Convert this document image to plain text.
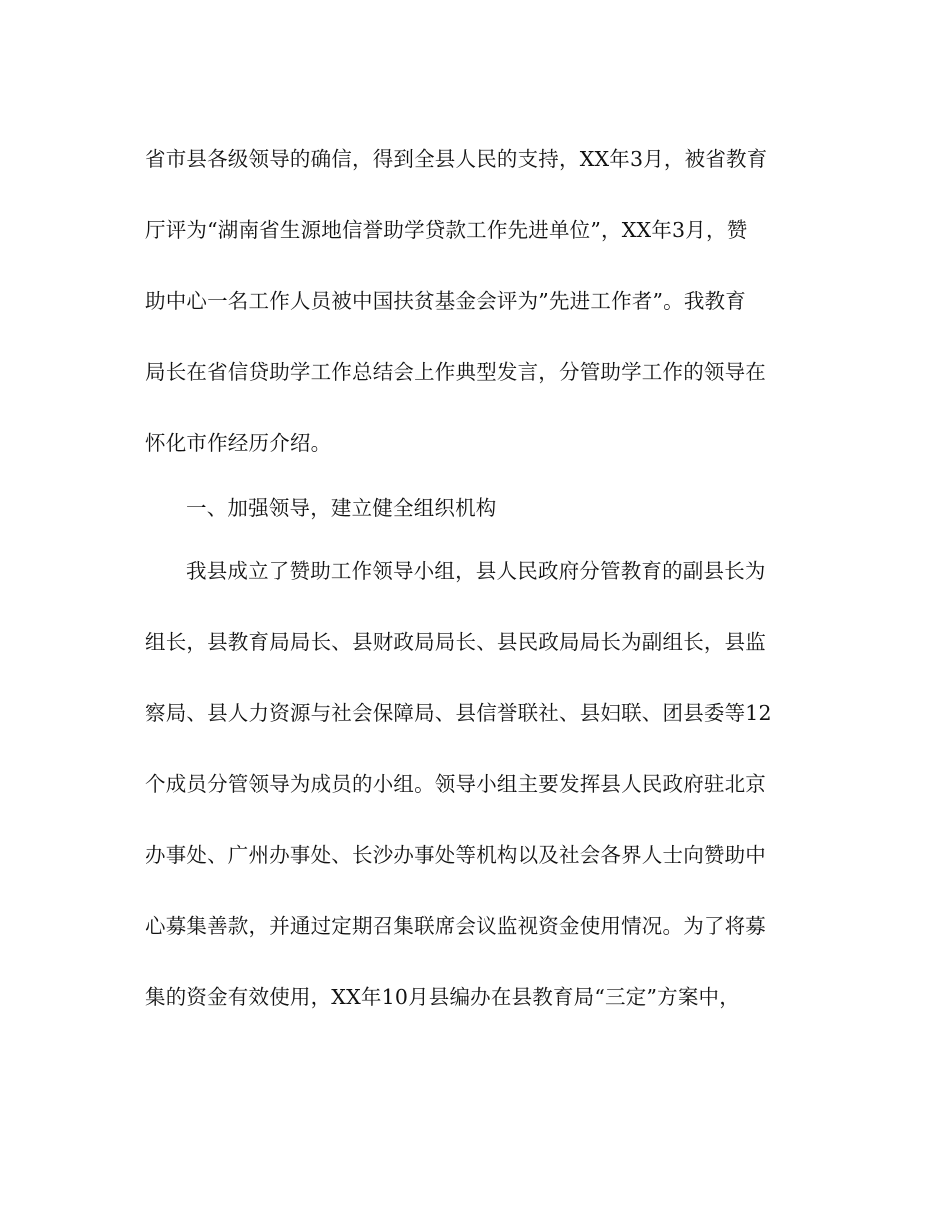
省市县各级领导的确信，得到全县人民的支持，XX年3月，被省教育
厅评为“湖南省生源地信誉助学贷款工作先进单位”，XX年3月，赞
助中心一名工作人员被中国扶贫基金会评为”先进工作者”。我教育
局长在省信贷助学工作总结会上作典型发言，分管助学工作的领导在
怀化市作经历介绍。
一、加强领导，建立健全组织机构
我县成立了赞助工作领导小组，县人民政府分管教育的副县长为
组长，县教育局局长、县财政局局长、县民政局局长为副组长，县监
察局、县人力资源与社会保障局、县信誉联社、县妇联、团县委等12
个成员分管领导为成员的小组。领导小组主要发挥县人民政府驻北京
办事处、广州办事处、长沙办事处等机构以及社会各界人士向赞助中
心募集善款，并通过定期召集联席会议监视资金使用情况。为了将募
集的资金有效使用，XX年10月县编办在县教育局“三定”方案中，
